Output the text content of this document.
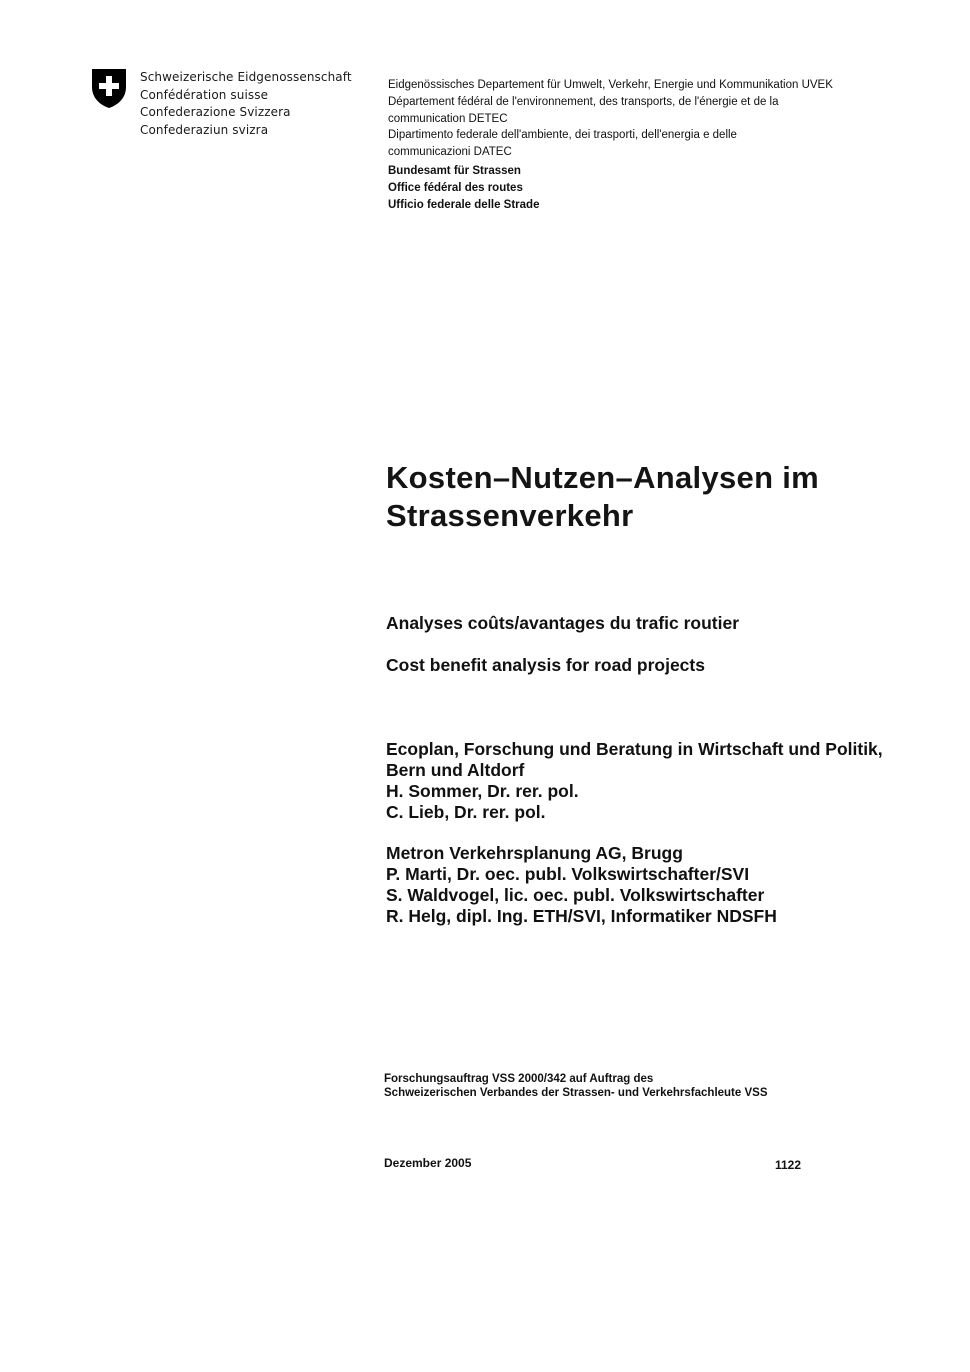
Schweizerische Eidgenossenschaft
Confédération suisse
Confederazione Svizzera
Confederaziun svizra
Eidgenössisches Departement für Umwelt, Verkehr, Energie und Kommunikation UVEK
Département fédéral de l'environnement, des transports, de l'énergie et de la
communication DETEC
Dipartimento federale dell'ambiente, dei trasporti, dell'energia e delle
communicazioni DATEC
Bundesamt für Strassen
Office fédéral des routes
Ufficio federale delle Strade
Kosten–Nutzen–Analysen im
Strassenverkehr
Analyses coûts/avantages du trafic routier
Cost benefit analysis for road projects
Ecoplan, Forschung und Beratung in Wirtschaft und Politik,
Bern und Altdorf
H. Sommer, Dr. rer. pol.
C. Lieb, Dr. rer. pol.
Metron Verkehrsplanung AG, Brugg
P. Marti, Dr. oec. publ. Volkswirtschafter/SVI
S. Waldvogel, lic. oec. publ. Volkswirtschafter
R. Helg, dipl. Ing. ETH/SVI, Informatiker NDSFH
Forschungsauftrag VSS 2000/342 auf Auftrag des
Schweizerischen Verbandes der Strassen- und Verkehrsfachleute VSS
Dezember 2005	1122
